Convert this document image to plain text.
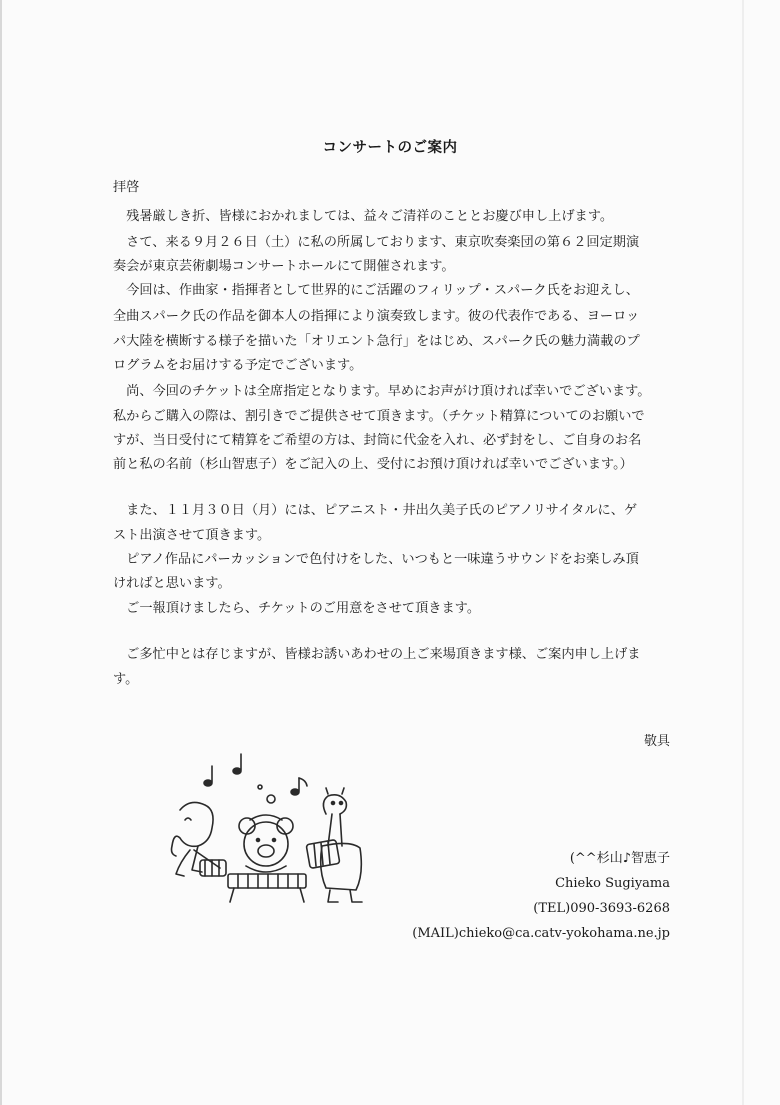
コンサートのご案内
拝啓
　残暑厳しき折、皆様におかれましては、益々ご清祥のこととお慶び申し上げます。
　さて、来る９月２６日（土）に私の所属しております、東京吹奏楽団の第６２回定期演
奏会が東京芸術劇場コンサートホールにて開催されます。
　今回は、作曲家・指揮者として世界的にご活躍のフィリップ・スパーク氏をお迎えし、
全曲スパーク氏の作品を御本人の指揮により演奏致します。彼の代表作である、ヨーロッ
パ大陸を横断する様子を描いた「オリエント急行」をはじめ、スパーク氏の魅力満載のプ
ログラムをお届けする予定でございます。
　尚、今回のチケットは全席指定となります。早めにお声がけ頂ければ幸いでございます。
私からご購入の際は、割引きでご提供させて頂きます。（チケット精算についてのお願いで
すが、当日受付にて精算をご希望の方は、封筒に代金を入れ、必ず封をし、ご自身のお名
前と私の名前（杉山智恵子）をご記入の上、受付にお預け頂ければ幸いでございます。）
　また、１１月３０日（月）には、ピアニスト・井出久美子氏のピアノリサイタルに、ゲ
スト出演させて頂きます。
　ピアノ作品にパーカッションで色付けをした、いつもと一味違うサウンドをお楽しみ頂
ければと思います。
　ご一報頂けましたら、チケットのご用意をさせて頂きます。
　ご多忙中とは存じますが、皆様お誘いあわせの上ご来場頂きます様、ご案内申し上げま
す。
敬具
(^^杉山♪智恵子
Chieko Sugiyama
(TEL)090-3693-6268
(MAIL)chieko@ca.catv-yokohama.ne.jp
